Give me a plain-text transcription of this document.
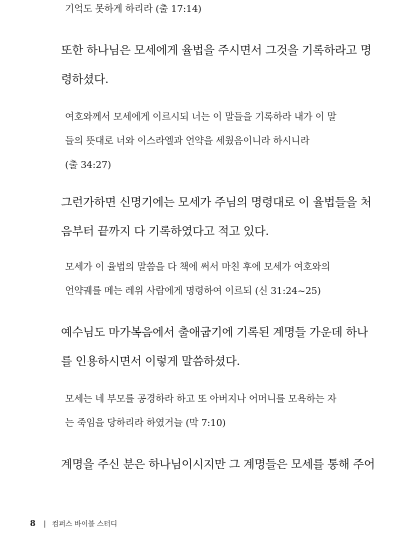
기억도 못하게 하리라 (출 17:14)
또한 하나님은 모세에게 율법을 주시면서 그것을 기록하라고 명
령하셨다.
여호와께서 모세에게 이르시되 너는 이 말들을 기록하라 내가 이 말
들의 뜻대로 너와 이스라엘과 언약을 세웠음이니라 하시니라
(출 34:27)
그런가하면 신명기에는 모세가 주님의 명령대로 이 율법들을 처
음부터 끝까지 다 기록하였다고 적고 있다.
모세가 이 율법의 말씀을 다 책에 써서 마친 후에 모세가 여호와의
언약궤를 메는 레위 사람에게 명령하여 이르되 (신 31:24~25)
예수님도 마가복음에서 출애굽기에 기록된 계명들 가운데 하나
를 인용하시면서 이렇게 말씀하셨다.
모세는 네 부모를 공경하라 하고 또 아버지나 어머니를 모욕하는 자
는 죽임을 당하리라 하였거늘 (막 7:10)
계명을 주신 분은 하나님이시지만 그 계명들은 모세를 통해 주어
8 | 컴퍼스 바이블 스터디
